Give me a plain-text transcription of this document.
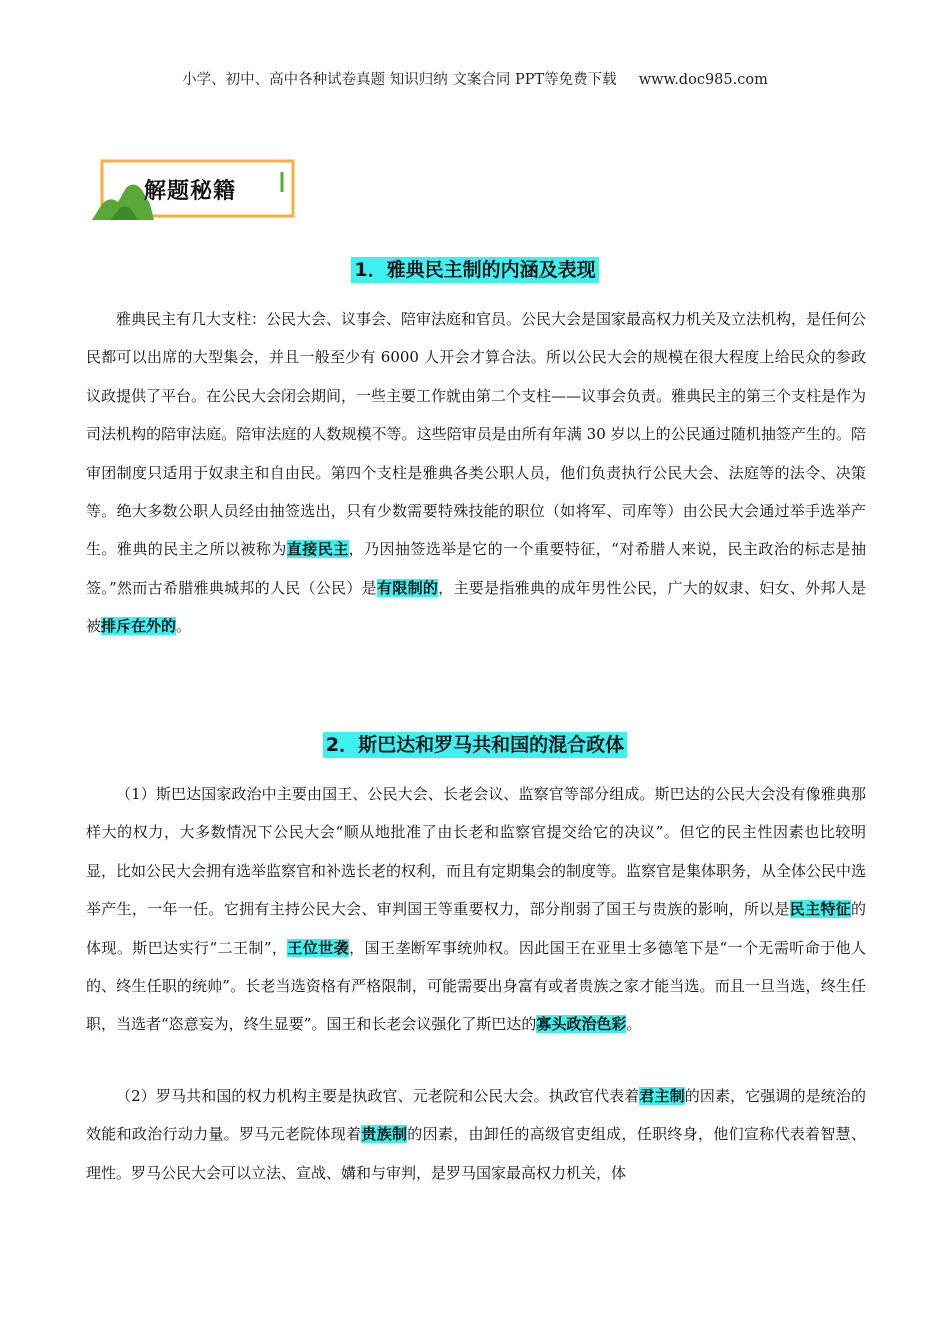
小学、初中、高中各种试卷真题 知识归纳 文案合同 PPT等免费下载 www.doc985.com
解题秘籍
1．雅典民主制的内涵及表现
雅典民主有几大支柱：公民大会、议事会、陪审法庭和官员。公民大会是国家最高权力机关及立法机构，是任何公民都可以出席的大型集会，并且一般至少有 6000 人开会才算合法。所以公民大会的规模在很大程度上给民众的参政议政提供了平台。在公民大会闭会期间，一些主要工作就由第二个支柱——议事会负责。雅典民主的第三个支柱是作为司法机构的陪审法庭。陪审法庭的人数规模不等。这些陪审员是由所有年满 30 岁以上的公民通过随机抽签产生的。陪审团制度只适用于奴隶主和自由民。第四个支柱是雅典各类公职人员，他们负责执行公民大会、法庭等的法令、决策等。绝大多数公职人员经由抽签选出，只有少数需要特殊技能的职位（如将军、司库等）由公民大会通过举手选举产生。雅典的民主之所以被称为直接民主，乃因抽签选举是它的一个重要特征，“对希腊人来说，民主政治的标志是抽签。”然而古希腊雅典城邦的人民（公民）是有限制的，主要是指雅典的成年男性公民，广大的奴隶、妇女、外邦人是被排斥在外的。
2．斯巴达和罗马共和国的混合政体
（1）斯巴达国家政治中主要由国王、公民大会、长老会议、监察官等部分组成。斯巴达的公民大会没有像雅典那样大的权力，大多数情况下公民大会“顺从地批准了由长老和监察官提交给它的决议”。但它的民主性因素也比较明显，比如公民大会拥有选举监察官和补选长老的权利，而且有定期集会的制度等。监察官是集体职务，从全体公民中选举产生，一年一任。它拥有主持公民大会、审判国王等重要权力，部分削弱了国王与贵族的影响，所以是民主特征的体现。斯巴达实行“二王制”，王位世袭，国王垄断军事统帅权。因此国王在亚里士多德笔下是“一个无需听命于他人的、终生任职的统帅”。长老当选资格有严格限制，可能需要出身富有或者贵族之家才能当选。而且一旦当选，终生任职，当选者“恣意妄为，终生显要”。国王和长老会议强化了斯巴达的寡头政治色彩。
（2）罗马共和国的权力机构主要是执政官、元老院和公民大会。执政官代表着君主制的因素，它强调的是统治的效能和政治行动力量。罗马元老院体现着贵族制的因素，由卸任的高级官吏组成，任职终身，他们宣称代表着智慧、理性。罗马公民大会可以立法、宣战、媾和与审判，是罗马国家最高权力机关，体
